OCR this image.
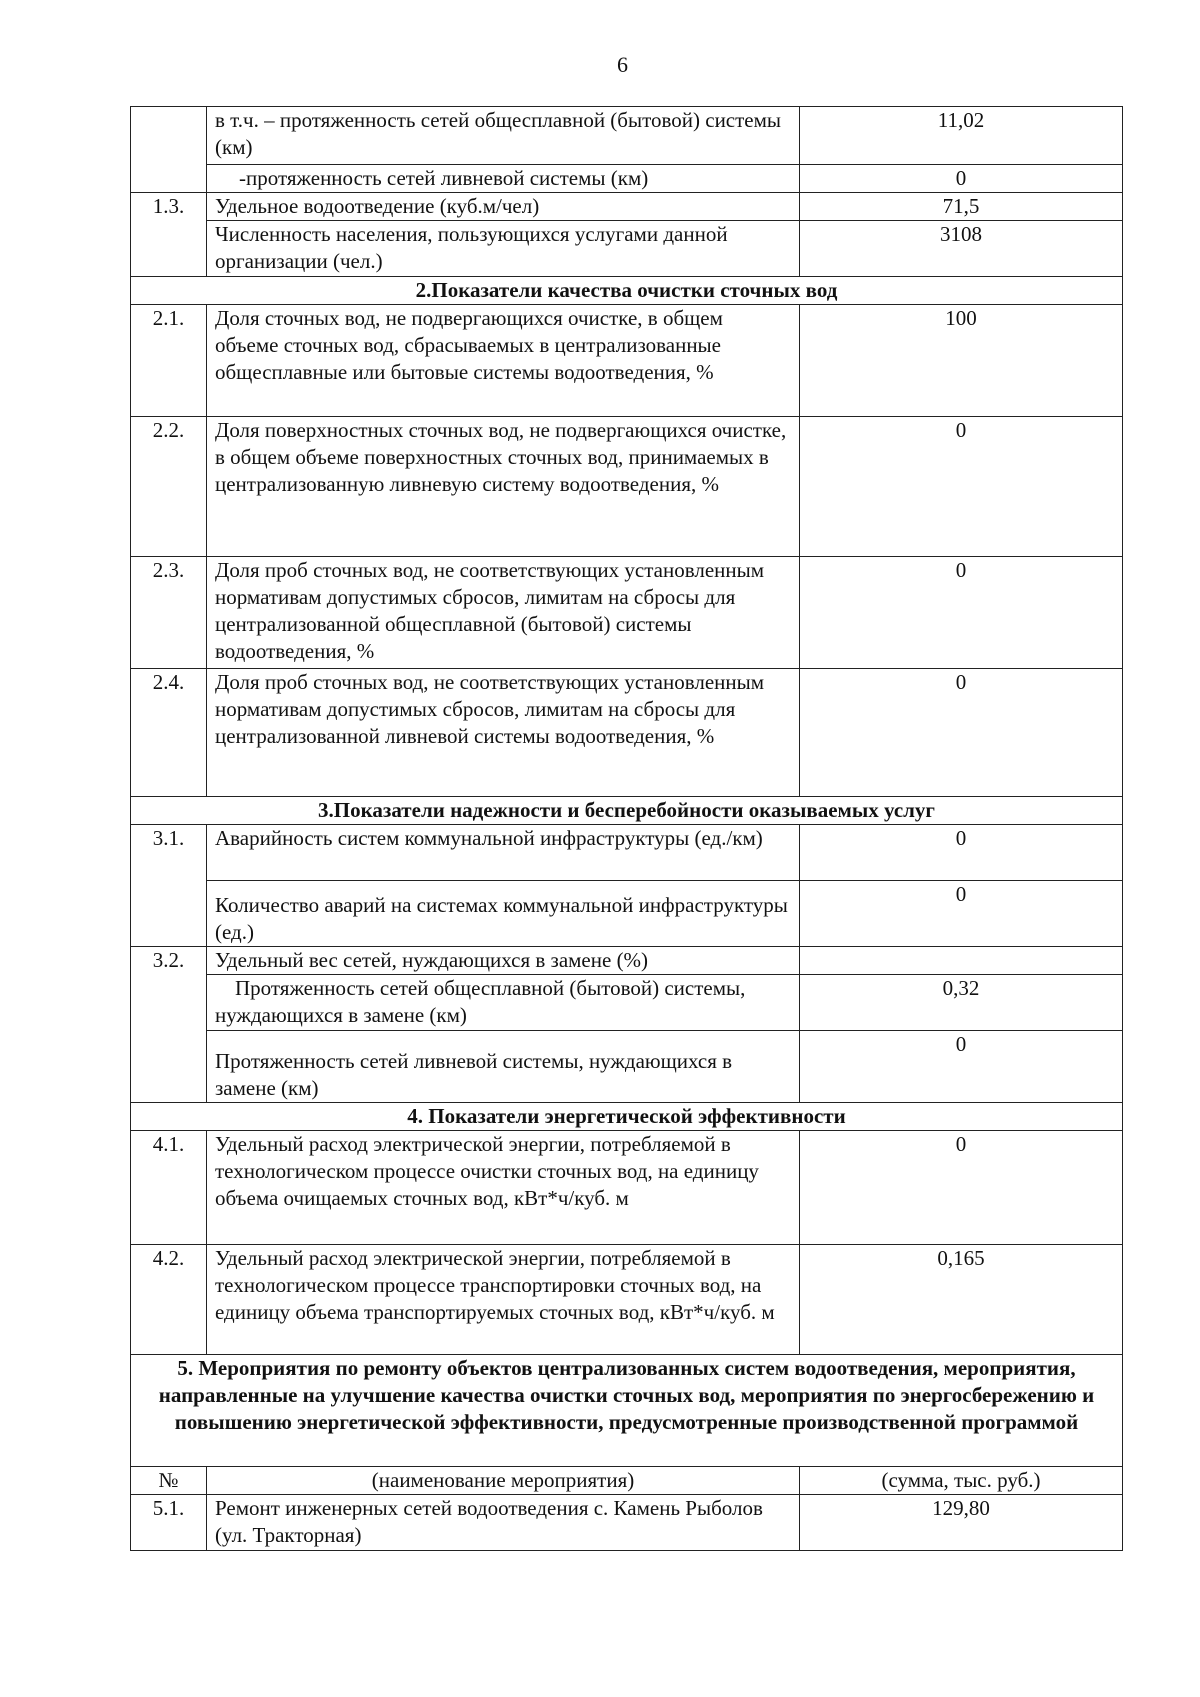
6
	в т.ч. – протяженность сетей общесплавной (бытовой) системы (км)	11,02
	-протяженность сетей ливневой системы (км)	0
1.3.	Удельное водоотведение (куб.м/чел)	71,5
	Численность населения, пользующихся услугами данной организации (чел.)	3108
2.Показатели качества очистки сточных вод		
2.1.	Доля сточных вод, не подвергающихся очистке, в общем объеме сточных вод, сбрасываемых в централизованные общесплавные или бытовые системы водоотведения, %	100
2.2.	Доля поверхностных сточных вод, не подвергающихся очистке, в общем объеме поверхностных сточных вод, принимаемых в централизованную ливневую систему водоотведения, %	0
2.3.	Доля проб сточных вод, не соответствующих установленным нормативам допустимых сбросов, лимитам на сбросы для централизованной общесплавной (бытовой) системы водоотведения, %	0
2.4.	Доля проб сточных вод, не соответствующих установленным нормативам допустимых сбросов, лимитам на сбросы для централизованной ливневой системы водоотведения, %	0
3.Показатели надежности и бесперебойности оказываемых услуг		
3.1.	Аварийность систем коммунальной инфраструктуры (ед./км)	0
	Количество аварий на системах коммунальной инфраструктуры (ед.)	0
3.2.	Удельный вес сетей, нуждающихся в замене (%)	
	Протяженность сетей общесплавной (бытовой) системы, нуждающихся в замене (км)	0,32
	Протяженность сетей ливневой системы, нуждающихся в замене (км)	0
4. Показатели энергетической эффективности		
4.1.	Удельный расход электрической энергии, потребляемой в технологическом процессе очистки сточных вод, на единицу объема очищаемых сточных вод, кВт*ч/куб. м	0
4.2.	Удельный расход электрической энергии, потребляемой в технологическом процессе транспортировки сточных вод, на единицу объема транспортируемых сточных вод, кВт*ч/куб. м	0,165
5. Мероприятия по ремонту объектов централизованных систем водоотведения, мероприятия, направленные на улучшение качества очистки сточных вод, мероприятия по энергосбережению и повышению энергетической эффективности, предусмотренные производственной программой		
№	(наименование мероприятия)	(сумма, тыс. руб.)
5.1.	Ремонт инженерных сетей водоотведения с. Камень Рыболов (ул. Тракторная)	129,80
